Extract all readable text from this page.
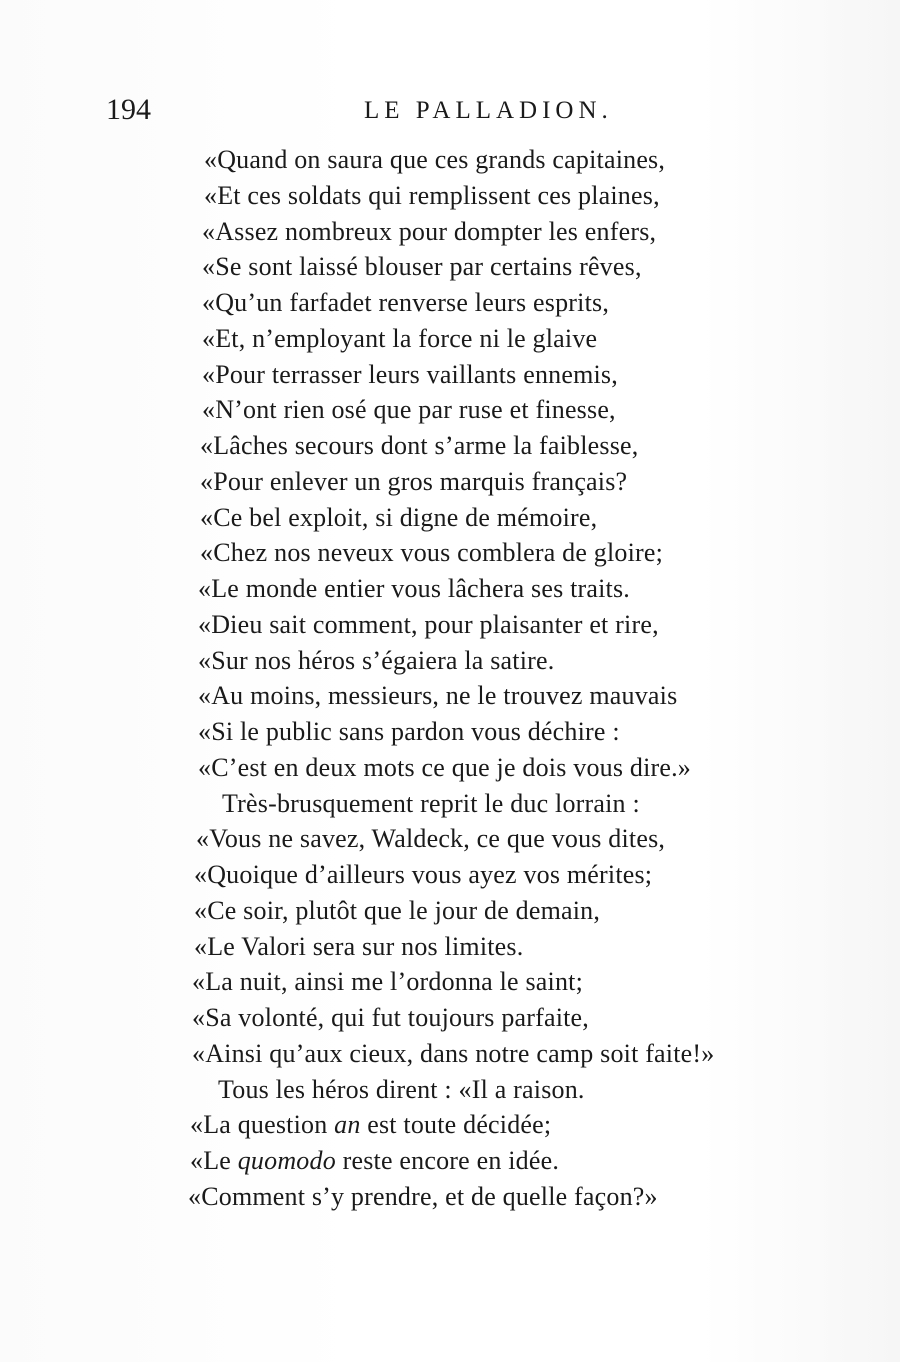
194	LE PALLADION.
«Quand on saura que ces grands capitaines,
«Et ces soldats qui remplissent ces plaines,
«Assez nombreux pour dompter les enfers,
«Se sont laissé blouser par certains rêves,
«Qu’un farfadet renverse leurs esprits,
«Et, n’employant la force ni le glaive
«Pour terrasser leurs vaillants ennemis,
«N’ont rien osé que par ruse et finesse,
«Lâches secours dont s’arme la faiblesse,
«Pour enlever un gros marquis français?
«Ce bel exploit, si digne de mémoire,
«Chez nos neveux vous comblera de gloire;
«Le monde entier vous lâchera ses traits.
«Dieu sait comment, pour plaisanter et rire,
«Sur nos héros s’égaiera la satire.
«Au moins, messieurs, ne le trouvez mauvais
«Si le public sans pardon vous déchire :
«C’est en deux mots ce que je dois vous dire.»
Très-brusquement reprit le duc lorrain :
«Vous ne savez, Waldeck, ce que vous dites,
«Quoique d’ailleurs vous ayez vos mérites;
«Ce soir, plutôt que le jour de demain,
«Le Valori sera sur nos limites.
«La nuit, ainsi me l’ordonna le saint;
«Sa volonté, qui fut toujours parfaite,
«Ainsi qu’aux cieux, dans notre camp soit faite!»
Tous les héros dirent : «Il a raison.
«La question an est toute décidée;
«Le quomodo reste encore en idée.
«Comment s’y prendre, et de quelle façon?»
